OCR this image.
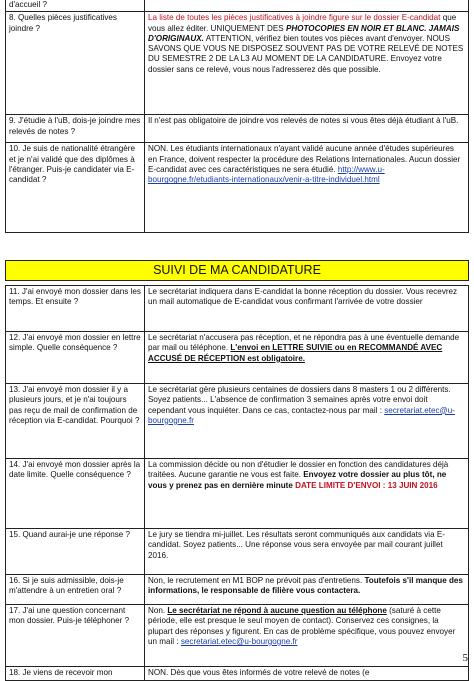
d'accueil ?	
8. Quelles pièces justificatives joindre ?	La liste de toutes les pièces justificatives à joindre figure sur le dossier E-candidat que vous allez éditer. UNIQUEMENT DES PHOTOCOPIES EN NOIR ET BLANC. JAMAIS D'ORIGINAUX. ATTENTION, vérifiez bien toutes vos pièces avant d'envoyer. NOUS SAVONS QUE VOUS NE DISPOSEZ SOUVENT PAS DE VOTRE RELEVÉ DE NOTES DU SEMESTRE 2 DE LA L3 AU MOMENT DE LA CANDIDATURE. Envoyez votre dossier sans ce relevé, vous nous l'adresserez dès que possible.
9. J'étudie à l'uB, dois-je joindre mes relevés de notes ?	Il n'est pas obligatoire de joindre vos relevés de notes si vous êtes déjà étudiant à l'uB.
10. Je suis de nationalité étrangère et je n'ai validé que des diplômes à l'étranger. Puis-je candidater via E-candidat ?	NON. Les étudiants internationaux n'ayant validé aucune année d'études supérieures en France, doivent respecter la procédure des Relations Internationales. Aucun dossier E-candidat avec ces caractéristiques ne sera étudié. http://www.u-bourgogne.fr/etudiants-internationaux/venir-a-titre-individuel.html
SUIVI DE MA CANDIDATURE
11. J'ai envoyé mon dossier dans les temps. Et ensuite ?	Le secrétariat indiquera dans E-candidat la bonne réception du dossier. Vous recevrez un mail automatique de E-candidat vous confirmant l'arrivée de votre dossier
12. J'ai envoyé mon dossier en lettre simple. Quelle conséquence ?	Le secrétariat n'accusera pas réception, et ne répondra pas à une éventuelle demande par mail ou téléphone. L'envoi en LETTRE SUIVIE ou en RECOMMANDÉ AVEC ACCUSÉ DE RÉCEPTION est obligatoire.
13. J'ai envoyé mon dossier il y a plusieurs jours, et je n'ai toujours pas reçu de mail de confirmation de réception via E-candidat. Pourquoi ?	Le secrétariat gère plusieurs centaines de dossiers dans 8 masters 1 ou 2 différents. Soyez patients... L'absence de confirmation 3 semaines après votre envoi doit cependant vous inquiéter. Dans ce cas, contactez-nous par mail : secretariat.etec@u-bourgogne.fr
14. J'ai envoyé mon dossier après la date limite. Quelle conséquence ?	La commission décide ou non d'étudier le dossier en fonction des candidatures déjà traitées. Aucune garantie ne vous est faite. Envoyez votre dossier au plus tôt, ne vous y prenez pas en dernière minute DATE LIMITE D'ENVOI : 13 JUIN 2016
15. Quand aurai-je une réponse ?	Le jury se tiendra mi-juillet. Les résultats seront communiqués aux candidats via E-candidat. Soyez patients... Une réponse vous sera envoyée par mail courant juillet 2016.
16. Si je suis admissible, dois-je m'attendre à un entretien oral ?	Non, le recrutement en M1 BOP ne prévoit pas d'entretiens. Toutefois s'il manque des informations, le responsable de filière vous contactera.
17. J'ai une question concernant mon dossier. Puis-je téléphoner ?	Non. Le secrétariat ne répond à aucune question au téléphone (saturé à cette période, elle est presque le seul moyen de contact). Conservez ces consignes, la plupart des réponses y figurent. En cas de problème spécifique, vous pouvez envoyer un mail : secretariat.etec@u-bourgogne.fr
18. Je viens de recevoir mon	NON. Dès que vous êtes informés de votre relevé de notes (e
5
